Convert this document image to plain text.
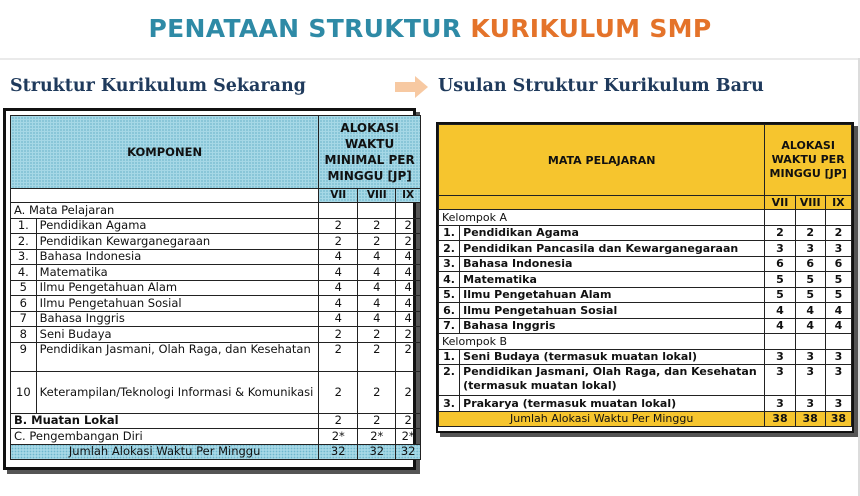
PENATAAN STRUKTUR KURIKULUM SMP
Struktur Kurikulum Sekarang	Usulan Struktur Kurikulum Baru
KOMPONEN		ALOKASI WAKTU MINIMAL PER MINGGU [JP]		
		VII	VIII	IX
A. Mata Pelajaran				
1.	Pendidikan Agama	2	2	2
2.	Pendidikan Kewarganegaraan	2	2	2
3.	Bahasa Indonesia	4	4	4
4.	Matematika	4	4	4
5	Ilmu Pengetahuan Alam	4	4	4
6	Ilmu Pengetahuan Sosial	4	4	4
7	Bahasa Inggris	4	4	4
8	Seni Budaya	2	2	2
9	Pendidikan Jasmani, Olah Raga, dan Kesehatan	2	2	2
10	Keterampilan/Teknologi Informasi & Komunikasi	2	2	2
B. Muatan Lokal		2	2	2
C. Pengembangan Diri		2*	2*	2*
Jumlah Alokasi Waktu Per Minggu		32	32	32
MATA PELAJARAN		ALOKASI WAKTU PER MINGGU [JP]		
		VII	VIII	IX
Kelompok A				
1.	Pendidikan Agama	2	2	2
2.	Pendidikan Pancasila dan Kewarganegaraan	3	3	3
3.	Bahasa Indonesia	6	6	6
4.	Matematika	5	5	5
5.	Ilmu Pengetahuan Alam	5	5	5
6.	Ilmu Pengetahuan Sosial	4	4	4
7.	Bahasa Inggris	4	4	4
Kelompok B				
1.	Seni Budaya (termasuk muatan lokal)	3	3	3
2.	Pendidikan Jasmani, Olah Raga, dan Kesehatan (termasuk muatan lokal)	3	3	3
3.	Prakarya (termasuk muatan lokal)	3	3	3
Jumlah Alokasi Waktu Per Minggu		38	38	38
